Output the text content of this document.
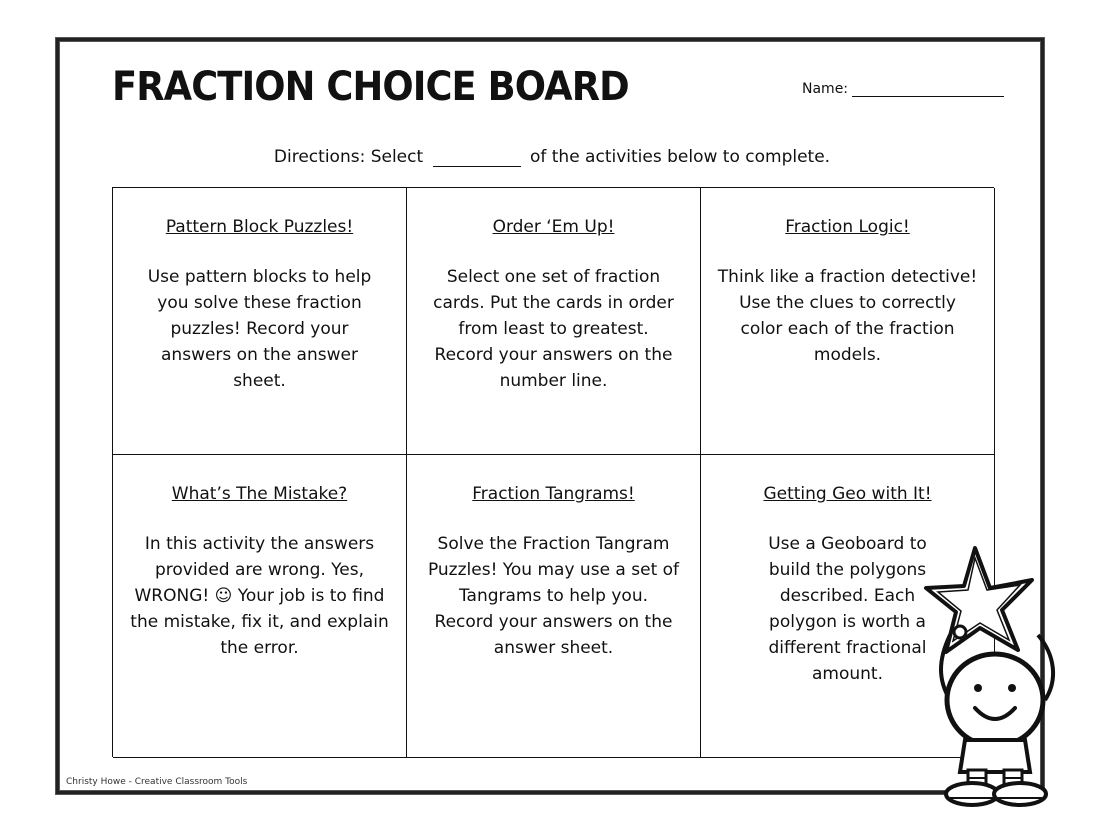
FRACTION CHOICE BOARD	Name:
Directions: Select	of the activities below to complete.
Pattern Block Puzzles!
Use pattern blocks to help
you solve these fraction
puzzles! Record your
answers on the answer
sheet.
Order ‘Em Up!
Select one set of fraction
cards. Put the cards in order
from least to greatest.
Record your answers on the
number line.
Fraction Logic!
Think like a fraction detective!
Use the clues to correctly
color each of the fraction
models.
What’s The Mistake?
In this activity the answers
provided are wrong. Yes,
WRONG! ☺ Your job is to find
the mistake, fix it, and explain
the error.
Fraction Tangrams!
Solve the Fraction Tangram
Puzzles! You may use a set of
Tangrams to help you.
Record your answers on the
answer sheet.
Getting Geo with It!
Use a Geoboard to
build the polygons
described. Each
polygon is worth a
different fractional
amount.
Christy Howe - Creative Classroom Tools
